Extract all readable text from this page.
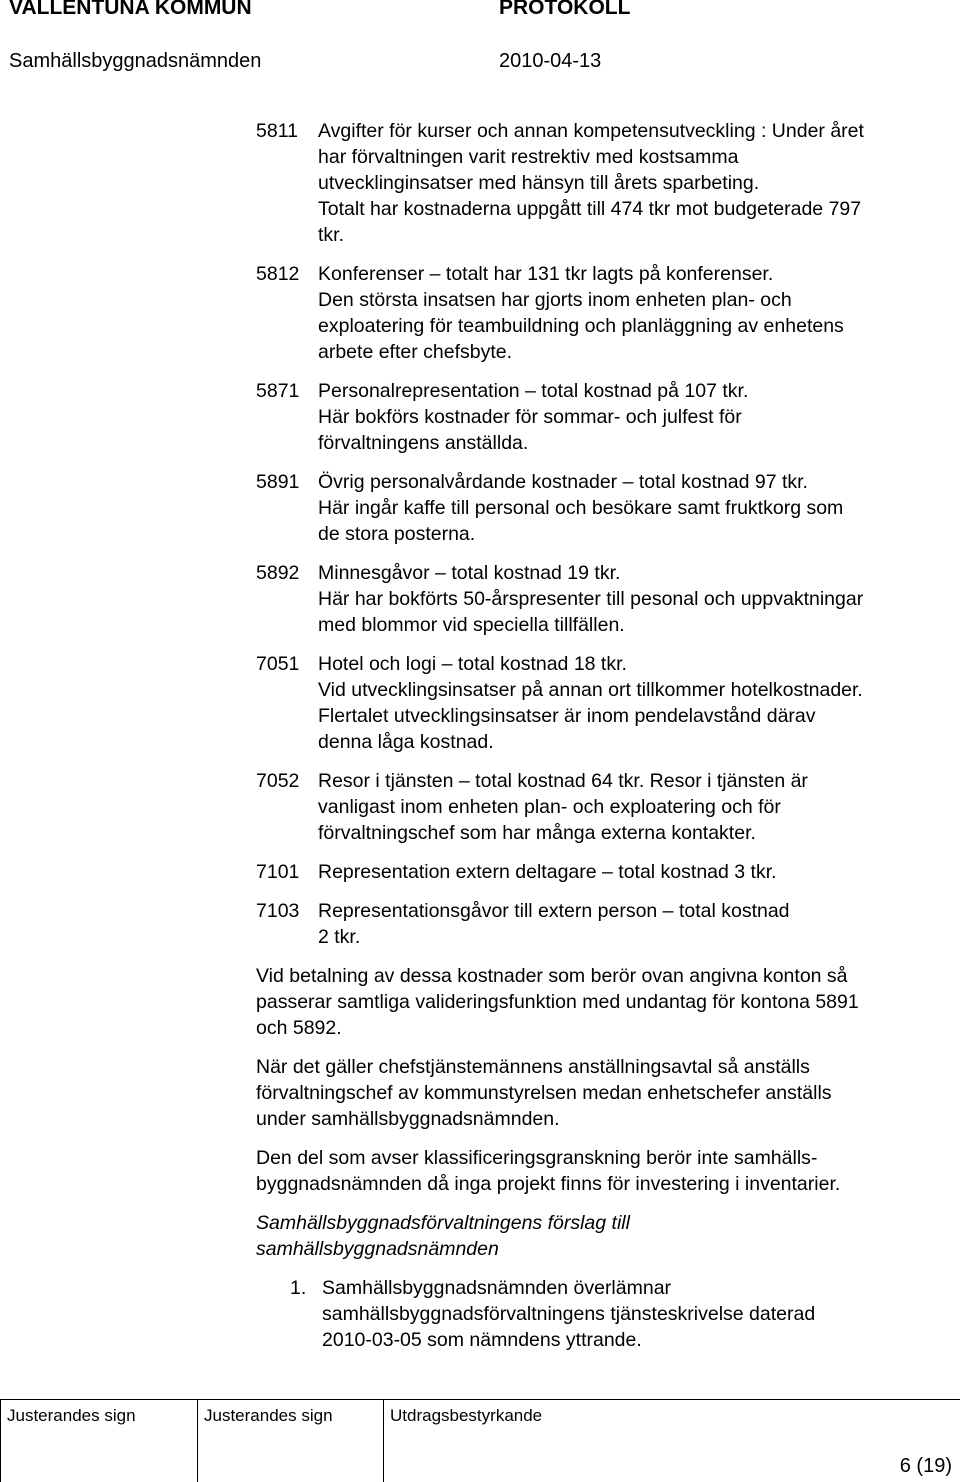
VALLENTUNA KOMMUN	PROTOKOLL
Samhällsbyggnadsnämnden	2010-04-13
5811 Avgifter för kurser och annan kompetensutveckling : Under året
har förvaltningen varit restrektiv med kostsamma
utvecklinginsatser med hänsyn till årets sparbeting.
Totalt har kostnaderna uppgått till 474 tkr mot budgeterade 797
tkr.

5812 Konferenser – totalt har 131 tkr lagts på konferenser.
Den största insatsen har gjorts inom enheten plan- och
exploatering för teambuildning och planläggning av enhetens
arbete efter chefsbyte.

5871 Personalrepresentation – total kostnad på 107 tkr.
Här bokförs kostnader för sommar- och julfest för
förvaltningens anställda.

5891 Övrig personalvårdande kostnader – total kostnad 97 tkr.
Här ingår kaffe till personal och besökare samt fruktkorg som
de stora posterna.

5892 Minnesgåvor – total kostnad 19 tkr.
Här har bokförts 50-årspresenter till pesonal och uppvaktningar
med blommor vid speciella tillfällen.

7051 Hotel och logi – total kostnad 18 tkr.
Vid utvecklingsinsatser på annan ort tillkommer hotelkostnader.
Flertalet utvecklingsinsatser är inom pendelavstånd därav
denna låga kostnad.

7052 Resor i tjänsten – total kostnad 64 tkr. Resor i tjänsten är
vanligast inom enheten plan- och exploatering och för
förvaltningschef som har många externa kontakter.

7101 Representation extern deltagare – total kostnad 3 tkr.

7103 Representationsgåvor till extern person – total kostnad
2 tkr.

Vid betalning av dessa kostnader som berör ovan angivna konton så
passerar samtliga valideringsfunktion med undantag för kontona 5891
och 5892.

När det gäller chefstjänstemännens anställningsavtal så anställs
förvaltningschef av kommunstyrelsen medan enhetschefer anställs
under samhällsbyggnadsnämnden.

Den del som avser klassificeringsgranskning berör inte samhälls-
byggnadsnämnden då inga projekt finns för investering i inventarier.

Samhällsbyggnadsförvaltningens förslag till
samhällsbyggnadsnämnden

1. Samhällsbyggnadsnämnden överlämnar
samhällsbyggnadsförvaltningens tjänsteskrivelse daterad
2010-03-05 som nämndens yttrande.

Justerandes sign	Justerandes sign	Utdragsbestyrkande
6 (19)
